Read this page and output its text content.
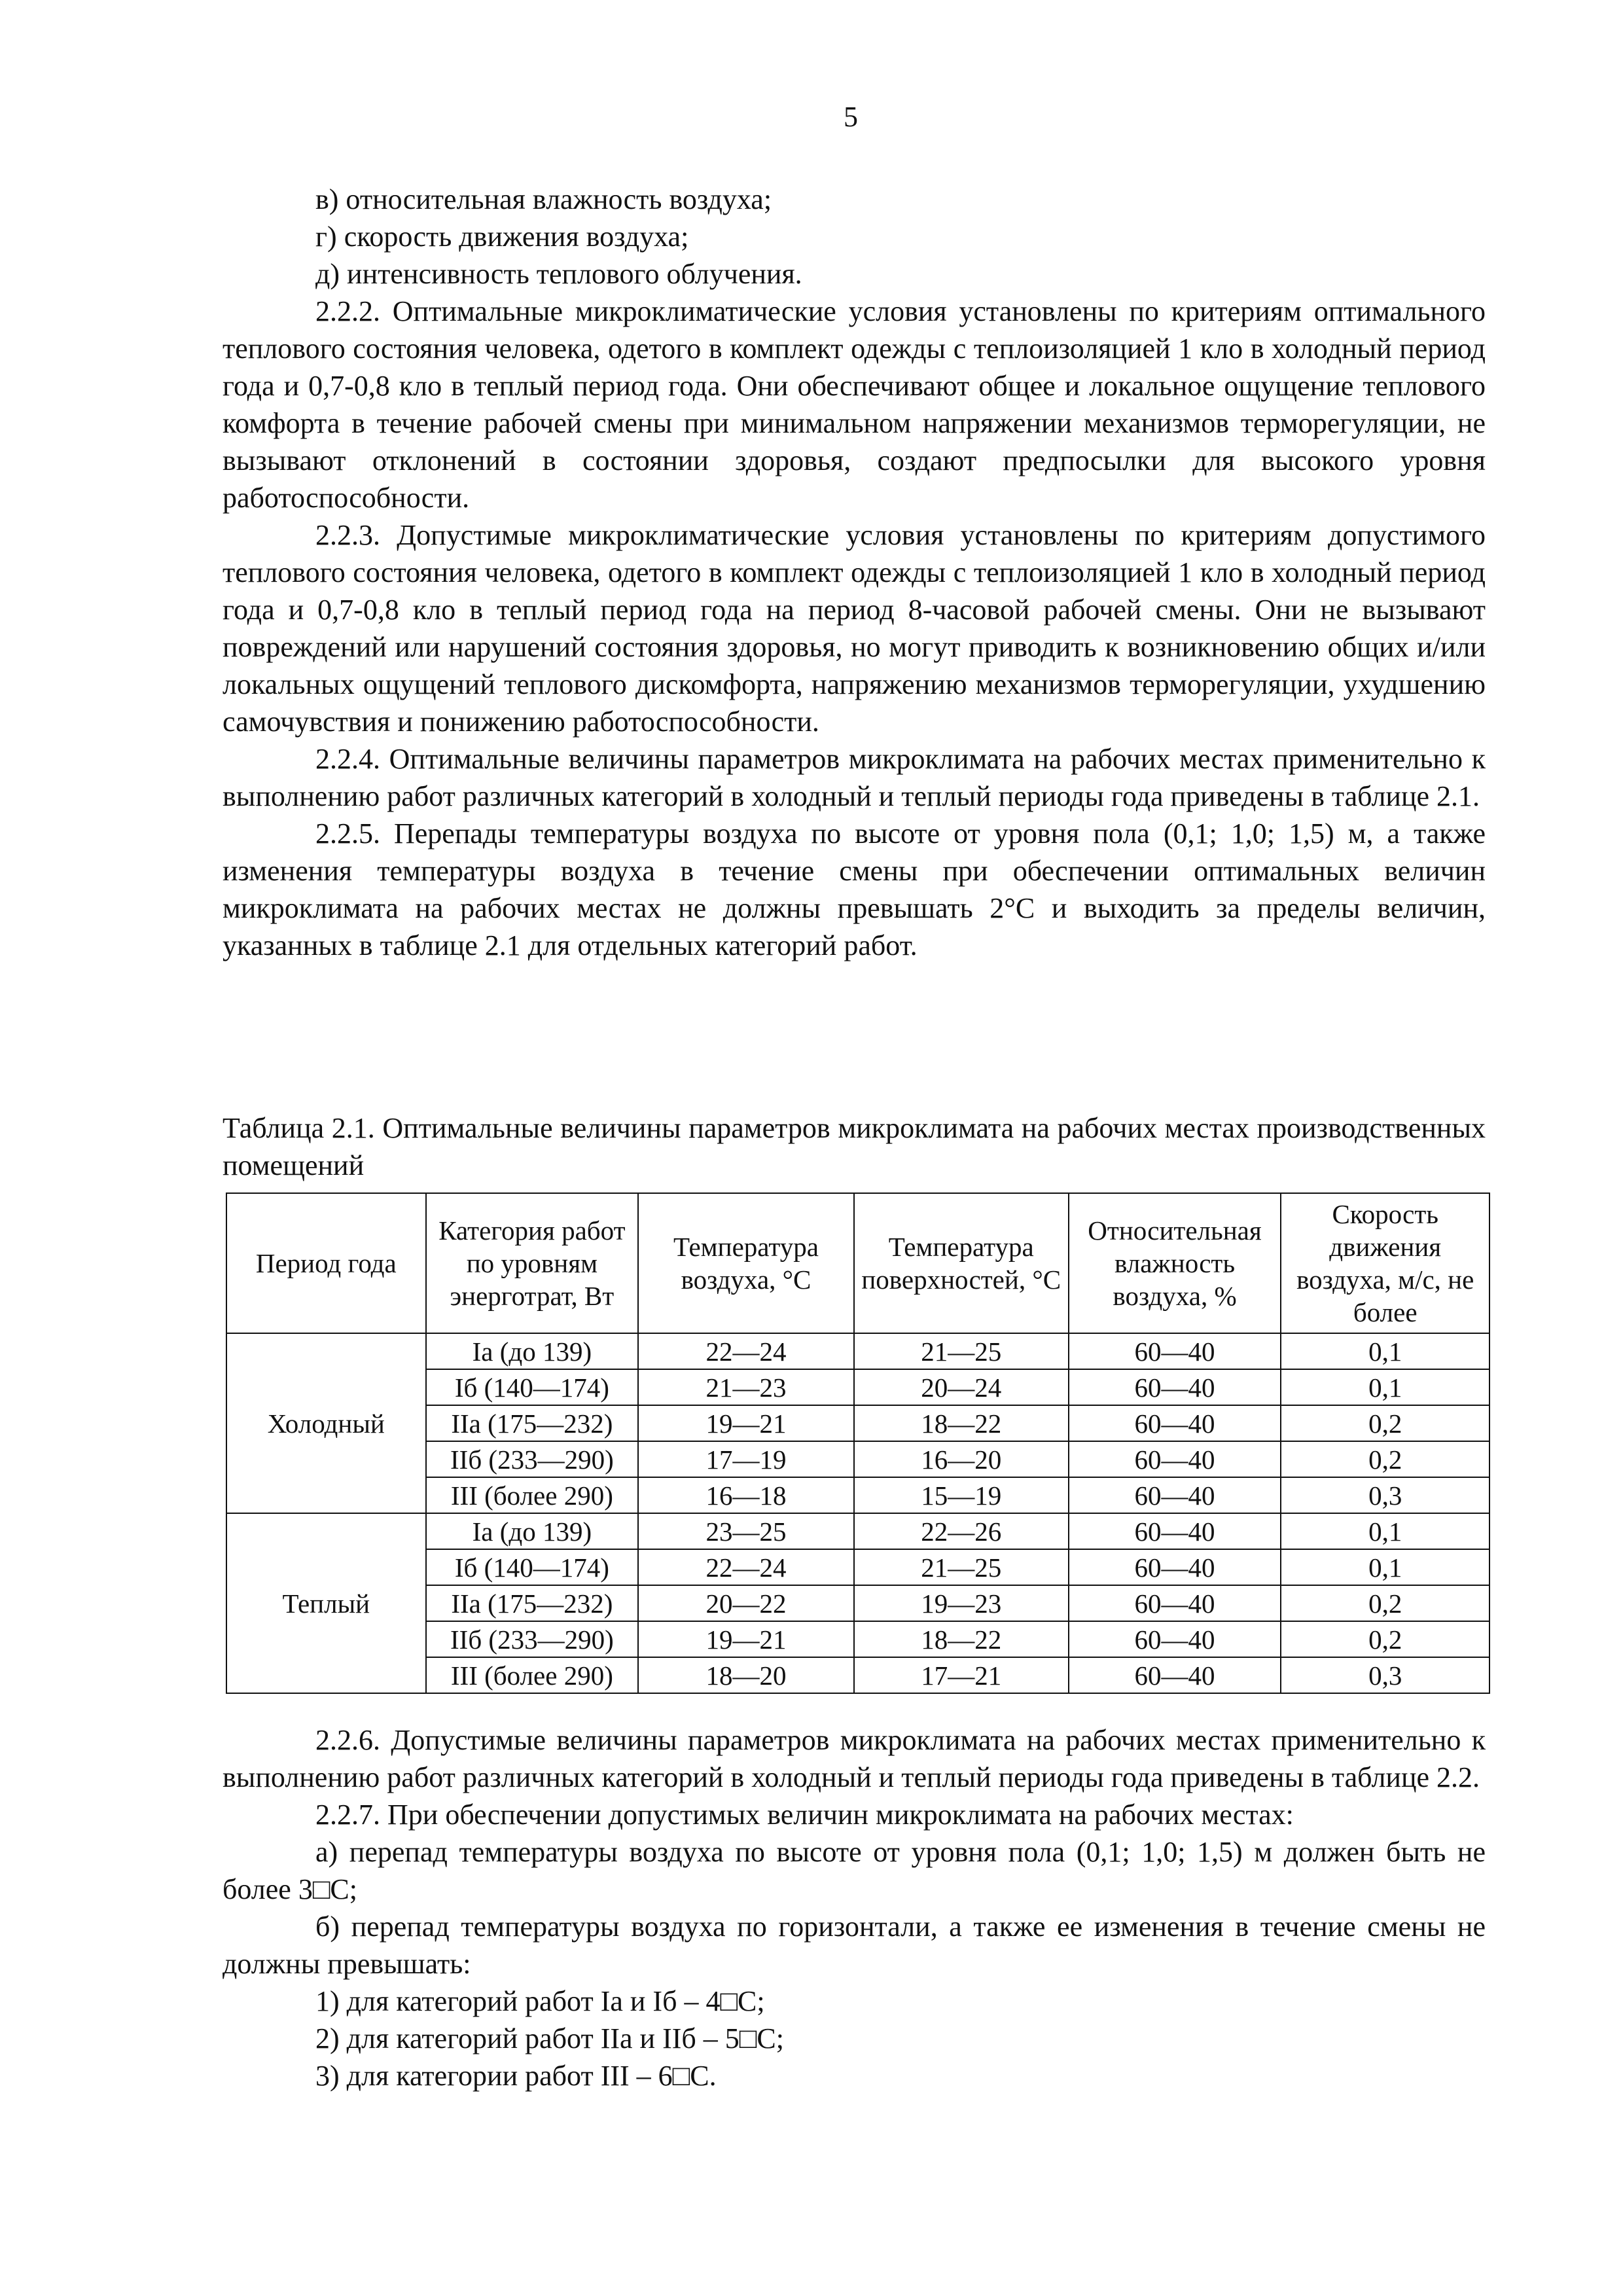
5

в) относительная влажность воздуха;

г) скорость движения воздуха;

д) интенсивность теплового облучения.

2.2.2. Оптимальные микроклиматические условия установлены по критериям оптимального теплового состояния человека, одетого в комплект одежды с теплоизоляцией 1 кло в холодный период года и 0,7-0,8 кло в теплый период года. Они обеспечивают общее и локальное ощущение теплового комфорта в течение рабочей смены при минимальном напряжении механизмов терморегуляции, не вызывают отклонений в состоянии здоровья, создают предпосылки для высокого уровня работоспособности.

2.2.3. Допустимые микроклиматические условия установлены по критериям допустимого теплового состояния человека, одетого в комплект одежды с теплоизоляцией 1 кло в холодный период года и 0,7-0,8 кло в теплый период года на период 8-часовой рабочей смены. Они не вызывают повреждений или нарушений состояния здоровья, но могут приводить к возникновению общих и/или локальных ощущений теплового дискомфорта, напряжению механизмов терморегуляции, ухудшению самочувствия и понижению работоспособности.

2.2.4. Оптимальные величины параметров микроклимата на рабочих местах применительно к выполнению работ различных категорий в холодный и теплый периоды года приведены в таблице 2.1.

2.2.5. Перепады температуры воздуха по высоте от уровня пола (0,1; 1,0; 1,5) м, а также изменения температуры воздуха в течение смены при обеспечении оптимальных величин микроклимата на рабочих местах не должны превышать 2°C и выходить за пределы величин, указанных в таблице 2.1 для отдельных категорий работ.

Таблица 2.1. Оптимальные величины параметров микроклимата на рабочих местах производственных помещений

Период года	Категория работ по уровням энерготрат, Вт	Температура воздуха, °C	Температура поверхностей, °C	Относительная влажность воздуха, %	Скорость движения воздуха, м/с, не более
Холодный	Iа (до 139)	22—24	21—25	60—40	0,1
	Iб (140—174)	21—23	20—24	60—40	0,1
	IIа (175—232)	19—21	18—22	60—40	0,2
	IIб (233—290)	17—19	16—20	60—40	0,2
	III (более 290)	16—18	15—19	60—40	0,3
Теплый	Iа (до 139)	23—25	22—26	60—40	0,1
	Iб (140—174)	22—24	21—25	60—40	0,1
	IIа (175—232)	20—22	19—23	60—40	0,2
	IIб (233—290)	19—21	18—22	60—40	0,2
	III (более 290)	18—20	17—21	60—40	0,3

2.2.6. Допустимые величины параметров микроклимата на рабочих местах применительно к выполнению работ различных категорий в холодный и теплый периоды года приведены в таблице 2.2.

2.2.7. При обеспечении допустимых величин микроклимата на рабочих местах:

а) перепад температуры воздуха по высоте от уровня пола (0,1; 1,0; 1,5) м должен быть не более 3□C;

б) перепад температуры воздуха по горизонтали, а также ее изменения в течение смены не должны превышать:

1) для категорий работ Iа и Iб – 4□C;

2) для категорий работ IIа и IIб – 5□C;

3) для категории работ III – 6□C.
